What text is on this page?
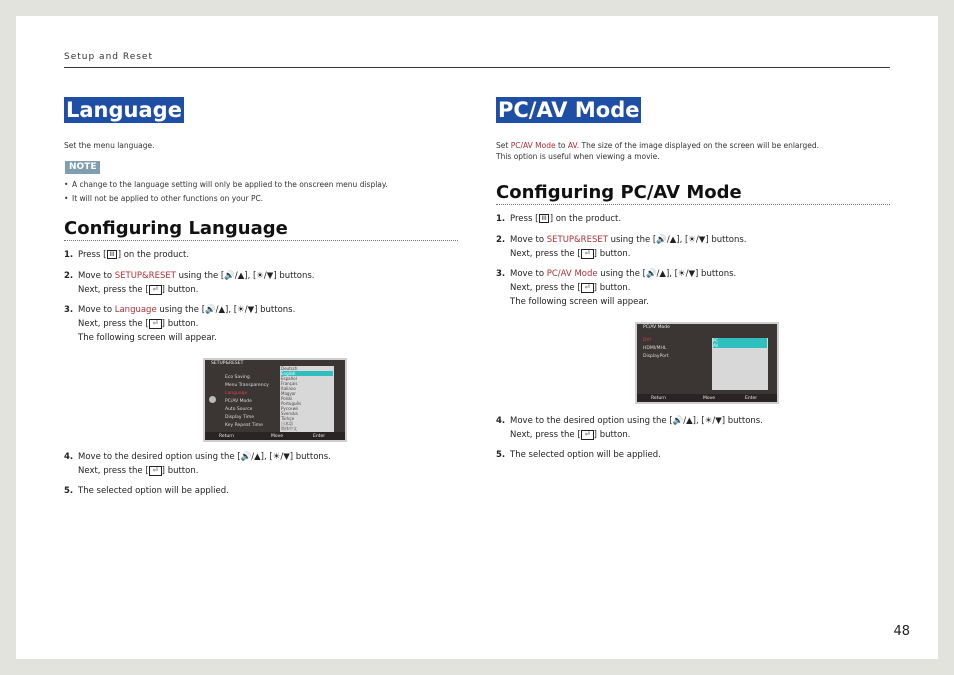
Setup and Reset
Language
Set the menu language.
NOTE
• A change to the language setting will only be applied to the onscreen menu display.
• It will not be applied to other functions on your PC.
Configuring Language
1. Press [ III ] on the product.
2. Move to SETUP&RESET using the [🔊/▲], [☀/▼] buttons.
Next, press the [ ⏎ ] button.
3. Move to Language using the [🔊/▲], [☀/▼] buttons.
Next, press the [ ⏎ ] button.
The following screen will appear.
SETUP&RESET
Eco Saving
Menu Transparency
Language
PC/AV Mode
Auto Source
Display Time
Key Repeat Time
Deutsch
English
Español
Français
Italiano
Magyar
Polski
Português
Русский
Svenska
Türkçe
日本語
简体中文
Return	Move	Enter
4. Move to the desired option using the [🔊/▲], [☀/▼] buttons.
Next, press the [ ⏎ ] button.
5. The selected option will be applied.
PC/AV Mode
Set PC/AV Mode to AV. The size of the image displayed on the screen will be enlarged.
This option is useful when viewing a movie.
Configuring PC/AV Mode
1. Press [ III ] on the product.
2. Move to SETUP&RESET using the [🔊/▲], [☀/▼] buttons.
Next, press the [ ⏎ ] button.
3. Move to PC/AV Mode using the [🔊/▲], [☀/▼] buttons.
Next, press the [ ⏎ ] button.
The following screen will appear.
PC/AV Mode
DVI
HDMI/MHL
DisplayPort
PC
AV
Return	Move	Enter
4. Move to the desired option using the [🔊/▲], [☀/▼] buttons.
Next, press the [ ⏎ ] button.
5. The selected option will be applied.
48
